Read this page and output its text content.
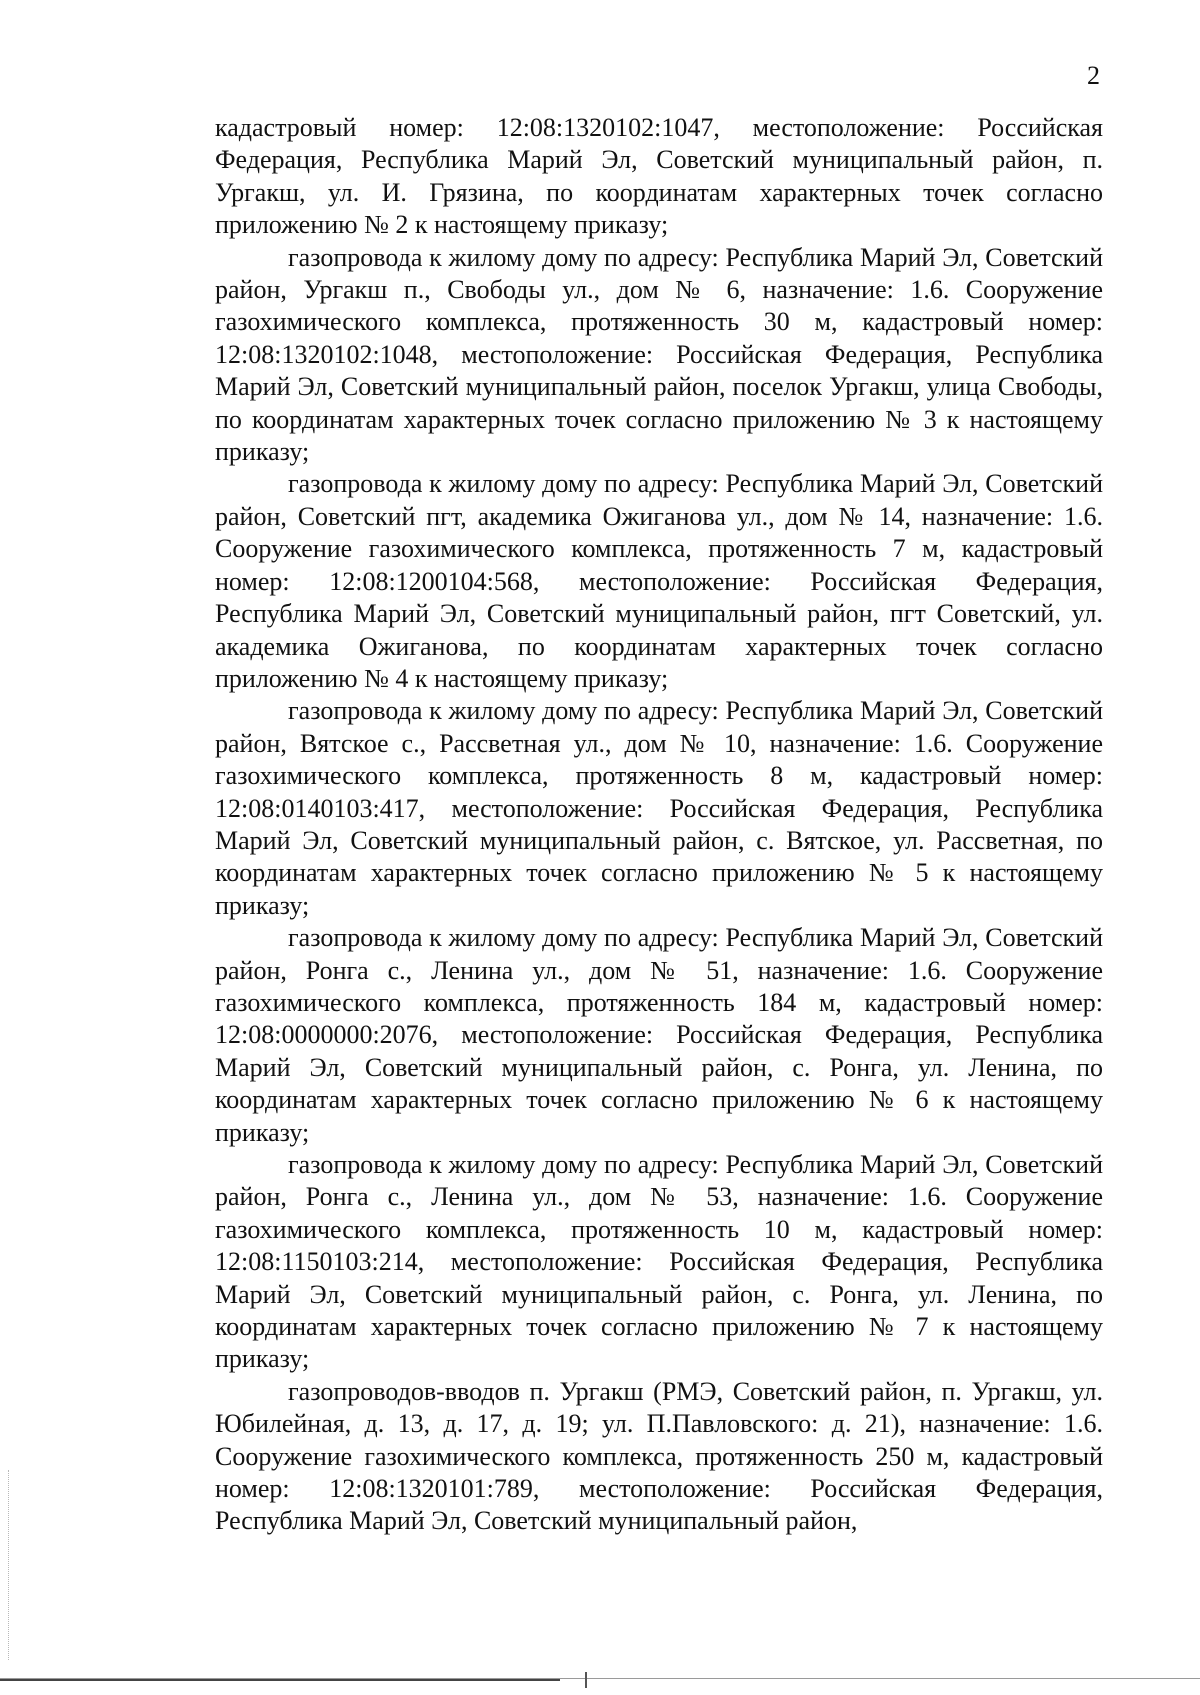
2

кадастровый номер: 12:08:1320102:1047, местоположение: Российская Федерация, Республика Марий Эл, Советский муниципальный район, п. Ургакш, ул. И. Грязина, по координатам характерных точек согласно приложению № 2 к настоящему приказу;

газопровода к жилому дому по адресу: Республика Марий Эл, Советский район, Ургакш п., Свободы ул., дом № 6, назначение: 1.6. Сооружение газохимического комплекса, протяженность 30 м, кадастровый номер: 12:08:1320102:1048, местоположение: Российская Федерация, Республика Марий Эл, Советский муниципальный район, поселок Ургакш, улица Свободы, по координатам характерных точек согласно приложению № 3 к настоящему приказу;

газопровода к жилому дому по адресу: Республика Марий Эл, Советский район, Советский пгт, академика Ожиганова ул., дом № 14, назначение: 1.6. Сооружение газохимического комплекса, протяженность 7 м, кадастровый номер: 12:08:1200104:568, местоположение: Российская Федерация, Республика Марий Эл, Советский муниципальный район, пгт Советский, ул. академика Ожиганова, по координатам характерных точек согласно приложению № 4 к настоящему приказу;

газопровода к жилому дому по адресу: Республика Марий Эл, Советский район, Вятское с., Рассветная ул., дом № 10, назначение: 1.6. Сооружение газохимического комплекса, протяженность 8 м, кадастровый номер: 12:08:0140103:417, местоположение: Российская Федерация, Республика Марий Эл, Советский муниципальный район, с. Вятское, ул. Рассветная, по координатам характерных точек согласно приложению № 5 к настоящему приказу;

газопровода к жилому дому по адресу: Республика Марий Эл, Советский район, Ронга с., Ленина ул., дом № 51, назначение: 1.6. Сооружение газохимического комплекса, протяженность 184 м, кадастровый номер: 12:08:0000000:2076, местоположение: Российская Федерация, Республика Марий Эл, Советский муниципальный район, с. Ронга, ул. Ленина, по координатам характерных точек согласно приложению № 6 к настоящему приказу;

газопровода к жилому дому по адресу: Республика Марий Эл, Советский район, Ронга с., Ленина ул., дом № 53, назначение: 1.6. Сооружение газохимического комплекса, протяженность 10 м, кадастровый номер: 12:08:1150103:214, местоположение: Российская Федерация, Республика Марий Эл, Советский муниципальный район, с. Ронга, ул. Ленина, по координатам характерных точек согласно приложению № 7 к настоящему приказу;

газопроводов-вводов п. Ургакш (РМЭ, Советский район, п. Ургакш, ул. Юбилейная, д. 13, д. 17, д. 19; ул. П.Павловского: д. 21), назначение: 1.6. Сооружение газохимического комплекса, протяженность 250 м, кадастровый номер: 12:08:1320101:789, местоположение: Российская Федерация, Республика Марий Эл, Советский муниципальный район,
